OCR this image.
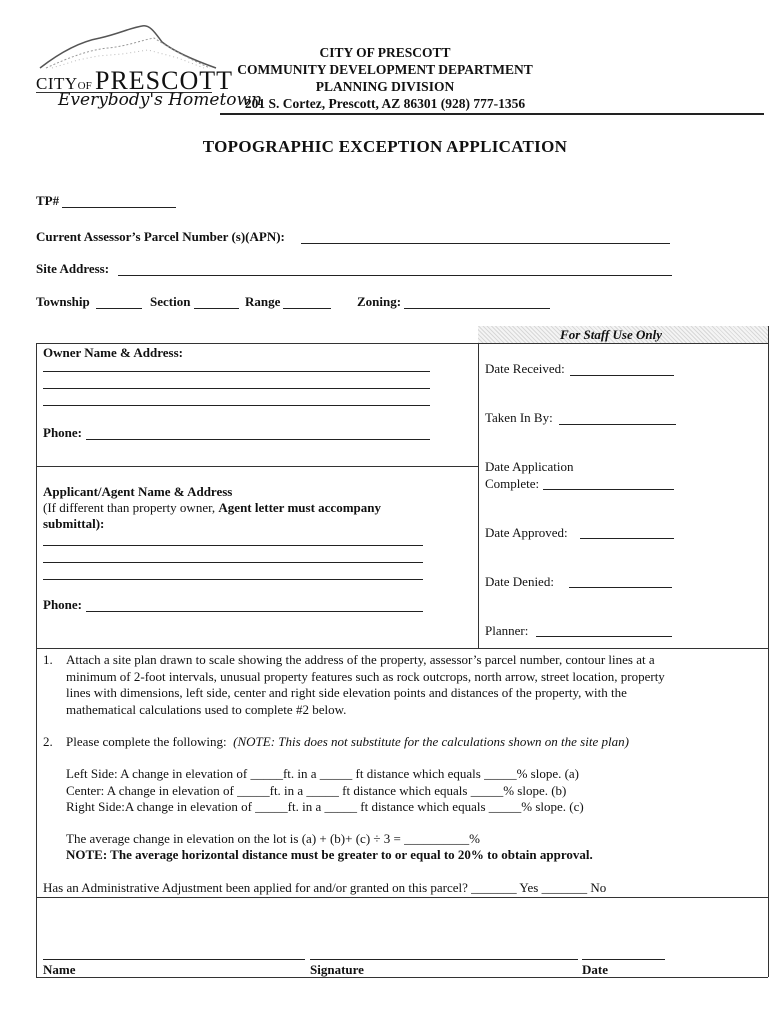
CITYOF PRESCOTT
Everybody's Hometown
CITY OF PRESCOTT
COMMUNITY DEVELOPMENT DEPARTMENT
PLANNING DIVISION
201 S. Cortez, Prescott, AZ 86301 (928) 777-1356
TOPOGRAPHIC EXCEPTION APPLICATION
TP#
Current Assessor’s Parcel Number (s)(APN):
Site Address:
Township	Section	Range	Zoning:
For Staff Use Only
Owner Name & Address:
Phone:
Applicant/Agent Name & Address
(If different than property owner, Agent letter must accompany
submittal):
Phone:
Date Received:
Taken In By:
Date Application
Complete:
Date Approved:
Date Denied:
Planner:
1. Attach a site plan drawn to scale showing the address of the property, assessor’s parcel number, contour lines at a
minimum of 2-foot intervals, unusual property features such as rock outcrops, north arrow, street location, property
lines with dimensions, left side, center and right side elevation points and distances of the property, with the
mathematical calculations used to complete #2 below.
2. Please complete the following: (NOTE: This does not substitute for the calculations shown on the site plan)
Left Side: A change in elevation of _____ft. in a _____ ft distance which equals _____% slope. (a)
Center: A change in elevation of _____ft. in a _____ ft distance which equals _____% slope. (b)
Right Side:A change in elevation of _____ft. in a _____ ft distance which equals _____% slope. (c)
The average change in elevation on the lot is (a) + (b)+ (c) ÷ 3 = __________%
NOTE: The average horizontal distance must be greater to or equal to 20% to obtain approval.
Has an Administrative Adjustment been applied for and/or granted on this parcel? _______ Yes _______ No
Name	Signature	Date
